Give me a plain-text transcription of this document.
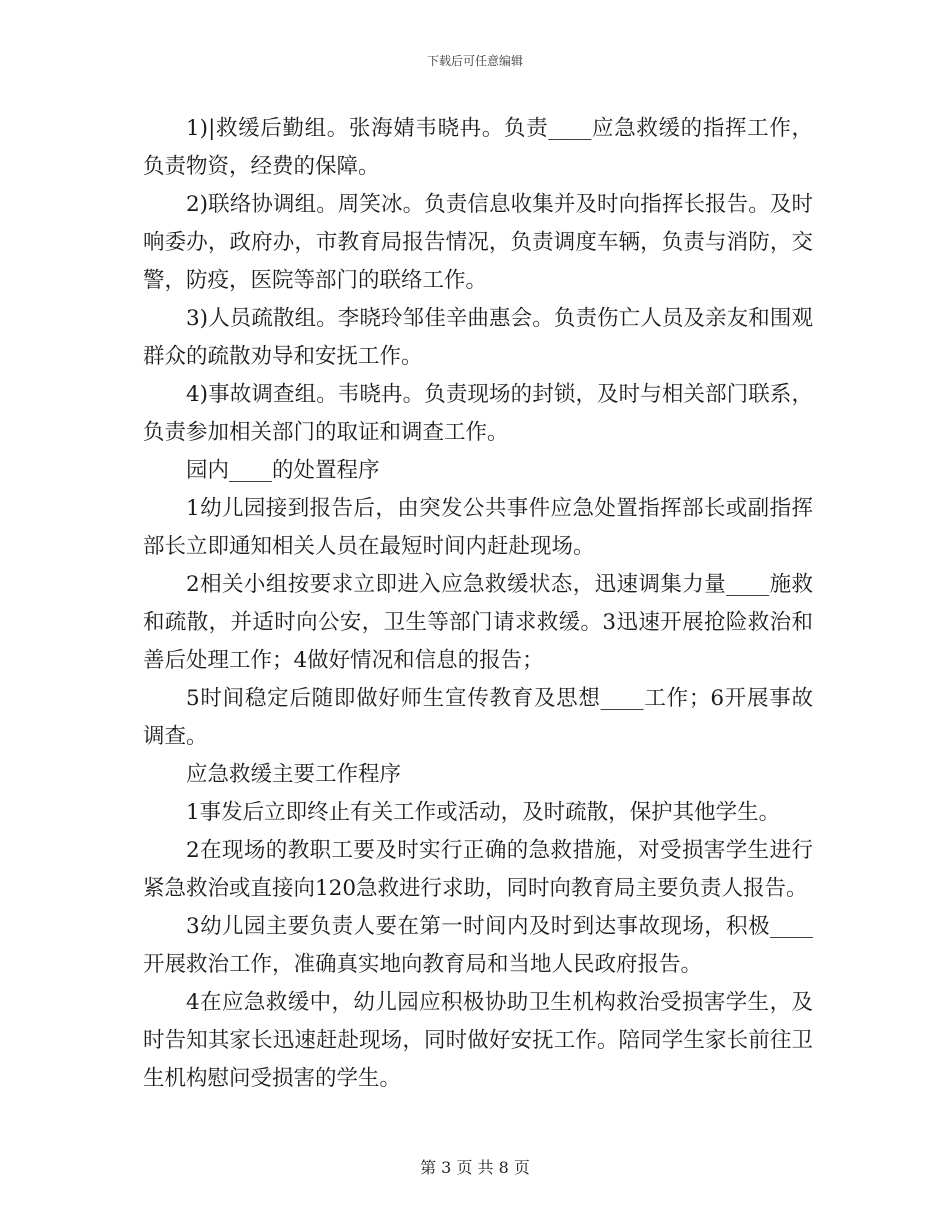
下载后可任意编辑

1)|救缓后勤组。张海婧韦晓冉。负责____应急救缓的指挥工作，负责物资，经费的保障。

2)联络协调组。周笑冰。负责信息收集并及时向指挥长报告。及时响委办，政府办，市教育局报告情况，负责调度车辆，负责与消防，交警，防疫，医院等部门的联络工作。

3)人员疏散组。李晓玲邹佳辛曲惠会。负责伤亡人员及亲友和围观群众的疏散劝导和安抚工作。

4)事故调查组。韦晓冉。负责现场的封锁，及时与相关部门联系，负责参加相关部门的取证和调查工作。

园内____的处置程序

1幼儿园接到报告后，由突发公共事件应急处置指挥部长或副指挥部长立即通知相关人员在最短时间内赶赴现场。

2相关小组按要求立即进入应急救缓状态，迅速调集力量____施救和疏散，并适时向公安，卫生等部门请求救缓。3迅速开展抢险救治和善后处理工作；4做好情况和信息的报告；

5时间稳定后随即做好师生宣传教育及思想____工作；6开展事故调查。

应急救缓主要工作程序

1事发后立即终止有关工作或活动，及时疏散，保护其他学生。

2在现场的教职工要及时实行正确的急救措施，对受损害学生进行紧急救治或直接向120急救进行求助，同时向教育局主要负责人报告。

3幼儿园主要负责人要在第一时间内及时到达事故现场，积极____开展救治工作，准确真实地向教育局和当地人民政府报告。

4在应急救缓中，幼儿园应积极协助卫生机构救治受损害学生，及时告知其家长迅速赶赴现场，同时做好安抚工作。陪同学生家长前往卫生机构慰问受损害的学生。

第 3 页 共 8 页
